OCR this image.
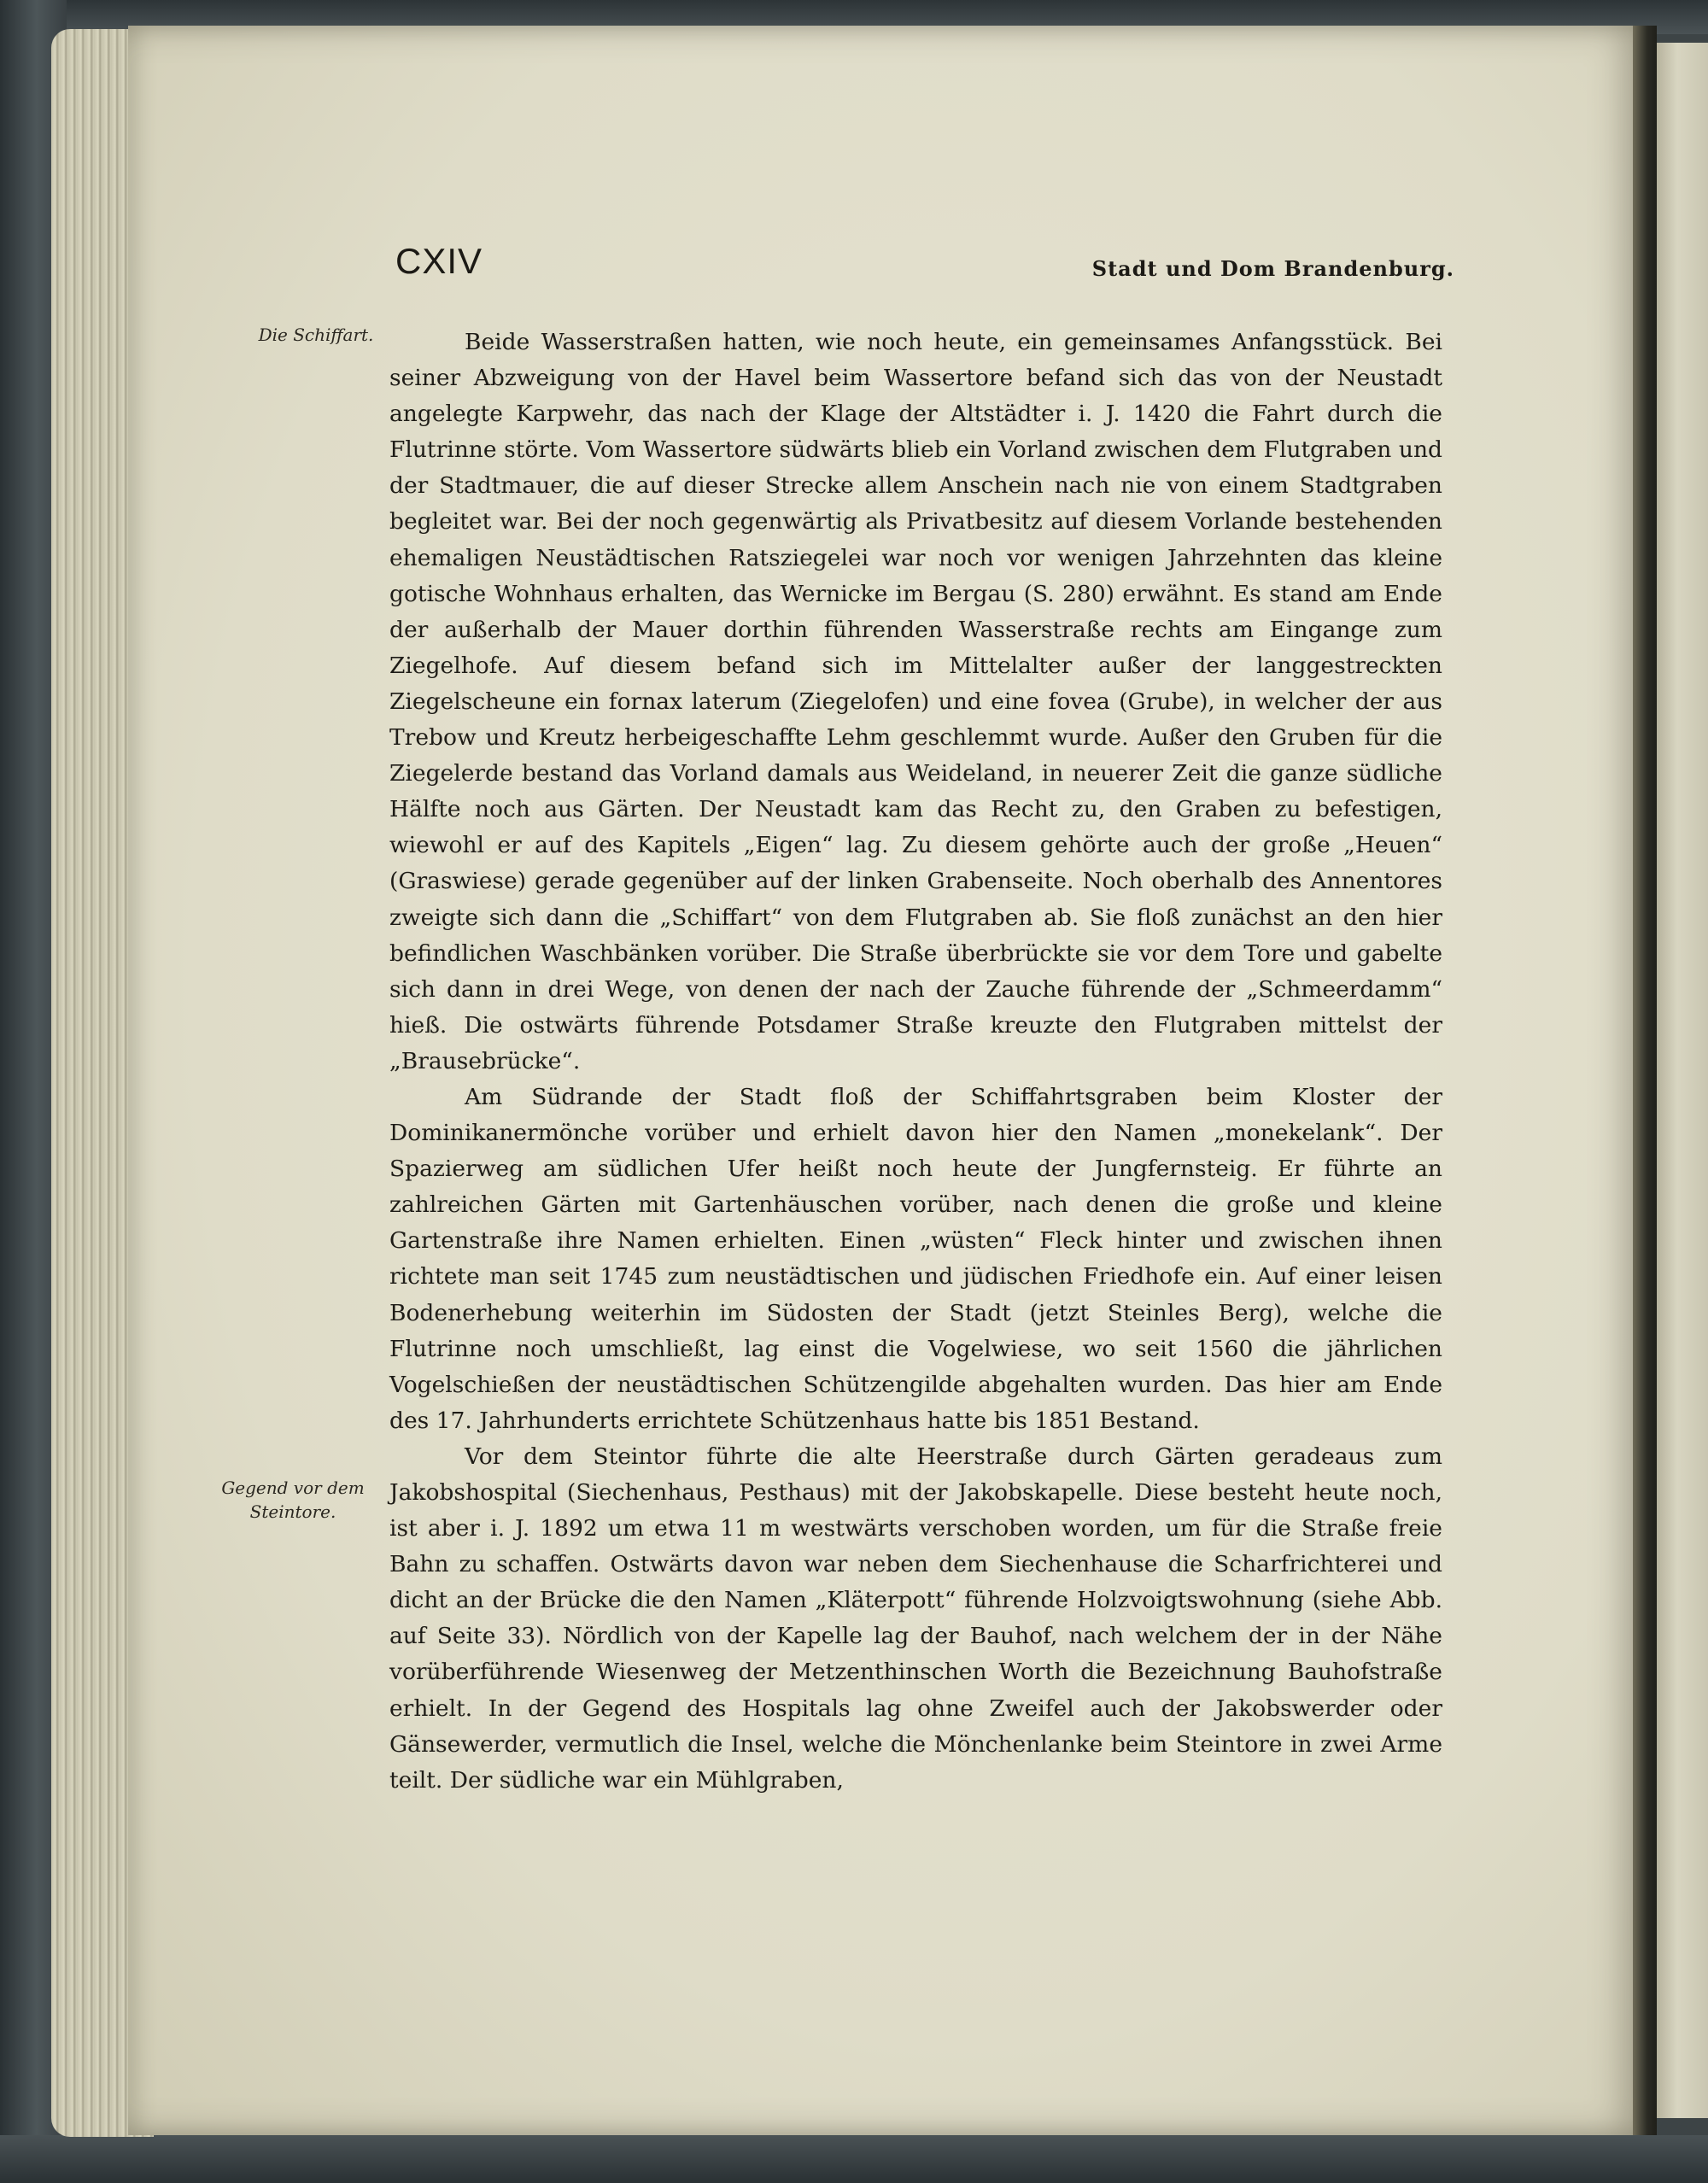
CXIV	Stadt und Dom Brandenburg.
Die Schiffart.
Gegend vor dem Steintore.

Beide Wasserstraßen hatten, wie noch heute, ein gemeinsames Anfangsstück. Bei seiner Abzweigung von der Havel beim Wassertore befand sich das von der Neustadt angelegte Karpwehr, das nach der Klage der Altstädter i. J. 1420 die Fahrt durch die Flutrinne störte. Vom Wassertore südwärts blieb ein Vorland zwischen dem Flutgraben und der Stadtmauer, die auf dieser Strecke allem Anschein nach nie von einem Stadtgraben begleitet war. Bei der noch gegenwärtig als Privatbesitz auf diesem Vorlande bestehenden ehemaligen Neustädtischen Ratsziegelei war noch vor wenigen Jahrzehnten das kleine gotische Wohnhaus erhalten, das Wernicke im Bergau (S. 280) erwähnt. Es stand am Ende der außerhalb der Mauer dorthin führenden Wasserstraße rechts am Eingange zum Ziegelhofe. Auf diesem befand sich im Mittelalter außer der langgestreckten Ziegelscheune ein fornax laterum (Ziegelofen) und eine fovea (Grube), in welcher der aus Trebow und Kreutz herbeigeschaffte Lehm geschlemmt wurde. Außer den Gruben für die Ziegelerde bestand das Vorland damals aus Weideland, in neuerer Zeit die ganze südliche Hälfte noch aus Gärten. Der Neustadt kam das Recht zu, den Graben zu befestigen, wiewohl er auf des Kapitels „Eigen“ lag. Zu diesem gehörte auch der große „Heuen“ (Graswiese) gerade gegenüber auf der linken Grabenseite. Noch oberhalb des Annentores zweigte sich dann die „Schiffart“ von dem Flutgraben ab. Sie floß zunächst an den hier befindlichen Waschbänken vorüber. Die Straße überbrückte sie vor dem Tore und gabelte sich dann in drei Wege, von denen der nach der Zauche führende der „Schmeerdamm“ hieß. Die ostwärts führende Potsdamer Straße kreuzte den Flutgraben mittelst der „Brausebrücke“.

Am Südrande der Stadt floß der Schiffahrtsgraben beim Kloster der Dominikanermönche vorüber und erhielt davon hier den Namen „monekelank“. Der Spazierweg am südlichen Ufer heißt noch heute der Jungfernsteig. Er führte an zahlreichen Gärten mit Gartenhäuschen vorüber, nach denen die große und kleine Gartenstraße ihre Namen erhielten. Einen „wüsten“ Fleck hinter und zwischen ihnen richtete man seit 1745 zum neustädtischen und jüdischen Friedhofe ein. Auf einer leisen Bodenerhebung weiterhin im Südosten der Stadt (jetzt Steinles Berg), welche die Flutrinne noch umschließt, lag einst die Vogelwiese, wo seit 1560 die jährlichen Vogelschießen der neustädtischen Schützengilde abgehalten wurden. Das hier am Ende des 17. Jahrhunderts errichtete Schützenhaus hatte bis 1851 Bestand.

Vor dem Steintor führte die alte Heerstraße durch Gärten geradeaus zum Jakobshospital (Siechenhaus, Pesthaus) mit der Jakobskapelle. Diese besteht heute noch, ist aber i. J. 1892 um etwa 11 m westwärts verschoben worden, um für die Straße freie Bahn zu schaffen. Ostwärts davon war neben dem Siechenhause die Scharfrichterei und dicht an der Brücke die den Namen „Kläterpott“ führende Holzvoigtswohnung (siehe Abb. auf Seite 33). Nördlich von der Kapelle lag der Bauhof, nach welchem der in der Nähe vorüberführende Wiesenweg der Metzenthinschen Worth die Bezeichnung Bauhofstraße erhielt. In der Gegend des Hospitals lag ohne Zweifel auch der Jakobswerder oder Gänsewerder, vermutlich die Insel, welche die Mönchenlanke beim Steintore in zwei Arme teilt. Der südliche war ein Mühlgraben,
